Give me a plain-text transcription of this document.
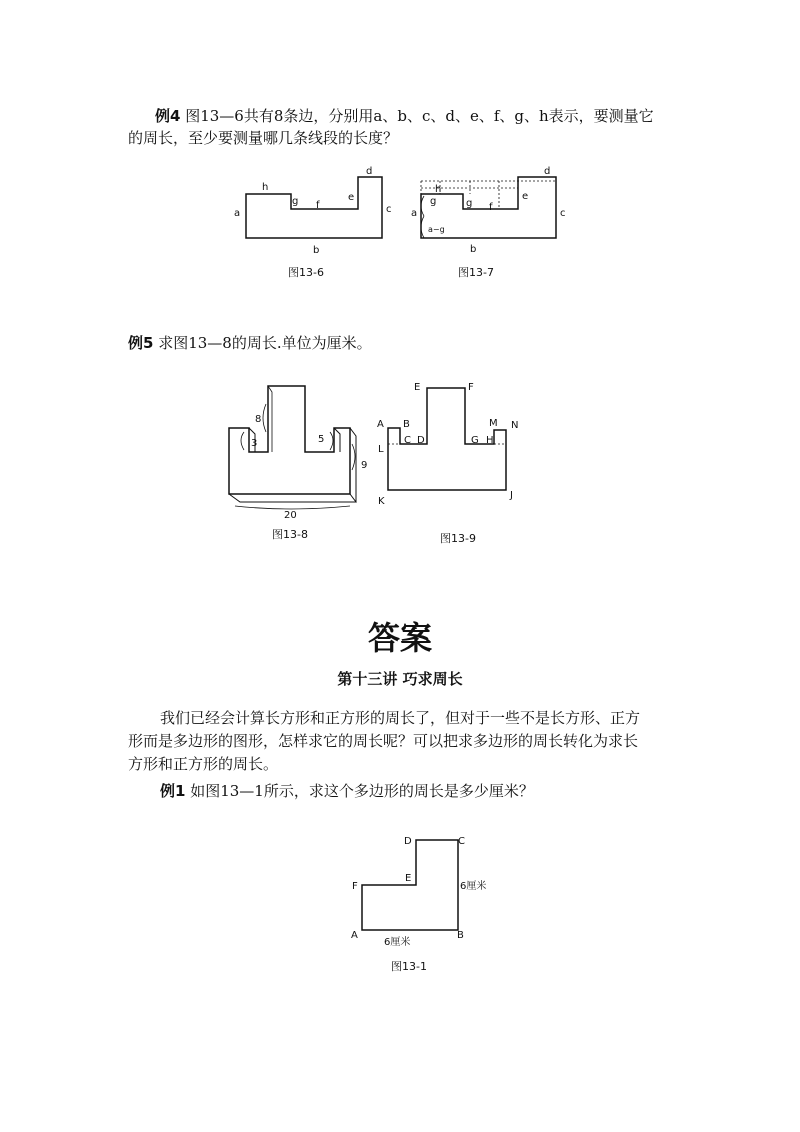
例4 图13—6共有8条边，分别用a、b、c、d、e、f、g、h表示，要测量它

的周长，至少要测量哪几条线段的长度？

h
g f
e
d
c
b
a
图13-6
h
g	g f
e
d
c
b
a
a−g
图13-7

例5 求图13—8的周长.单位为厘米。

8
3	5
9
20
图13-8
A B
C D
E	F
G H
M N
L
K
J
图13-9
答案
第十三讲 巧求周长

我们已经会计算长方形和正方形的周长了，但对于一些不是长方形、正方

形而是多边形的图形，怎样求它的周长呢？可以把求多边形的周长转化为求长

方形和正方形的周长。

例1 如图13—1所示，求这个多边形的周长是多少厘米？

D	C
E
F
A	B
6厘米
6厘米
图13-1
